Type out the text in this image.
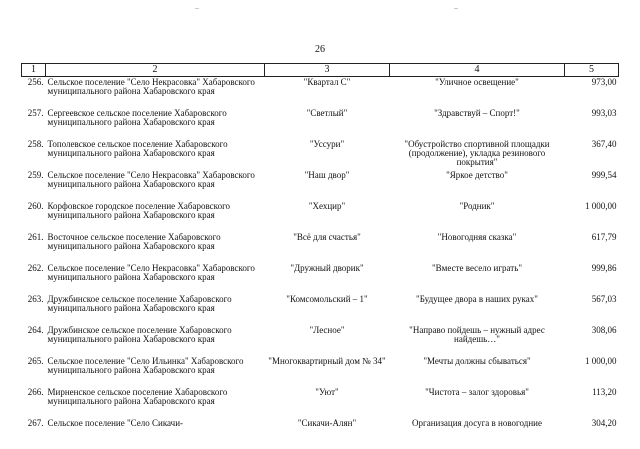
–	–
26
1	2	3	4	5
256.	Сельское поселение "Село Некрасовка" Хабаровского муниципального района Хабаровского края	"Квартал С"	"Уличное освещение"	973,00
257.	Сергеевское сельское поселение Хабаровского муниципального района Хабаровского края	"Светлый"	"Здравствуй – Спорт!"	993,03
258.	Тополевское сельское поселение Хабаровского муниципального района Хабаровского края	"Уссури"	"Обустройство спортивной площадки (продолжение), укладка резинового покрытия"	367,40
259.	Сельское поселение "Село Некрасовка" Хабаровского муниципального района Хабаровского края	"Наш двор"	"Яркое детство"	999,54
260.	Корфовское городское поселение Хабаровского муниципального района Хабаровского края	"Хехцир"	"Родник"	1 000,00
261.	Восточное сельское поселение Хабаровского муниципального района Хабаровского края	"Всё для счастья"	"Новогодняя сказка"	617,79
262.	Сельское поселение "Село Некрасовка" Хабаровского муниципального района Хабаровского края	"Дружный дворик"	"Вместе весело играть"	999,86
263.	Дружбинское сельское поселение Хабаровского муниципального района Хабаровского края	"Комсомольский – 1"	"Будущее двора в наших руках"	567,03
264.	Дружбинское сельское поселение Хабаровского муниципального района Хабаровского края	"Лесное"	"Направо пойдешь – нужный адрес найдешь…"	308,06
265.	Сельское поселение "Село Ильинка" Хабаровского муниципального района Хабаровского края	"Многоквартирный дом № 34"	"Мечты должны сбываться"	1 000,00
266.	Мирненское сельское поселение Хабаровского муниципального района Хабаровского края	"Уют"	"Чистота – залог здоровья"	113,20
267.	Сельское поселение "Село Сикачи-	"Сикачи-Алян"	Организация досуга в новогодние	304,20
